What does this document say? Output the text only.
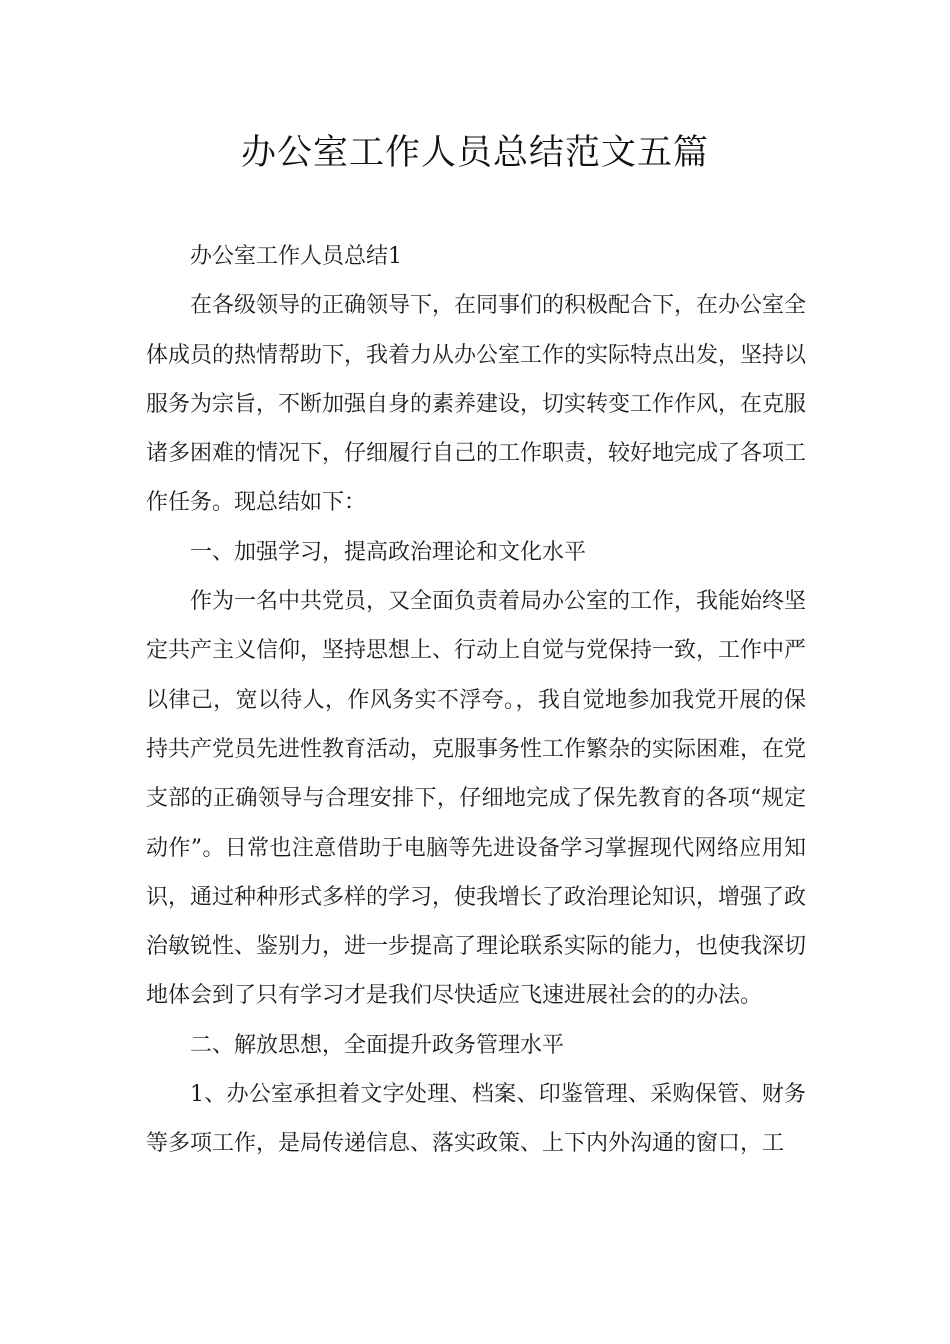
办公室工作人员总结范文五篇

办公室工作人员总结1

在各级领导的正确领导下，在同事们的积极配合下，在办公室全体成员的热情帮助下，我着力从办公室工作的实际特点出发，坚持以服务为宗旨，不断加强自身的素养建设，切实转变工作作风，在克服诸多困难的情况下，仔细履行自己的工作职责，较好地完成了各项工作任务。现总结如下：

一、加强学习，提高政治理论和文化水平

作为一名中共党员，又全面负责着局办公室的工作，我能始终坚定共产主义信仰，坚持思想上、行动上自觉与党保持一致，工作中严以律己，宽以待人，作风务实不浮夸。，我自觉地参加我党开展的保持共产党员先进性教育活动，克服事务性工作繁杂的实际困难，在党支部的正确领导与合理安排下，仔细地完成了保先教育的各项“规定动作”。日常也注意借助于电脑等先进设备学习掌握现代网络应用知识，通过种种形式多样的学习，使我增长了政治理论知识，增强了政治敏锐性、鉴别力，进一步提高了理论联系实际的能力，也使我深切地体会到了只有学习才是我们尽快适应飞速进展社会的的办法。

二、解放思想，全面提升政务管理水平

1、办公室承担着文字处理、档案、印鉴管理、采购保管、财务等多项工作，是局传递信息、落实政策、上下内外沟通的窗口，工
